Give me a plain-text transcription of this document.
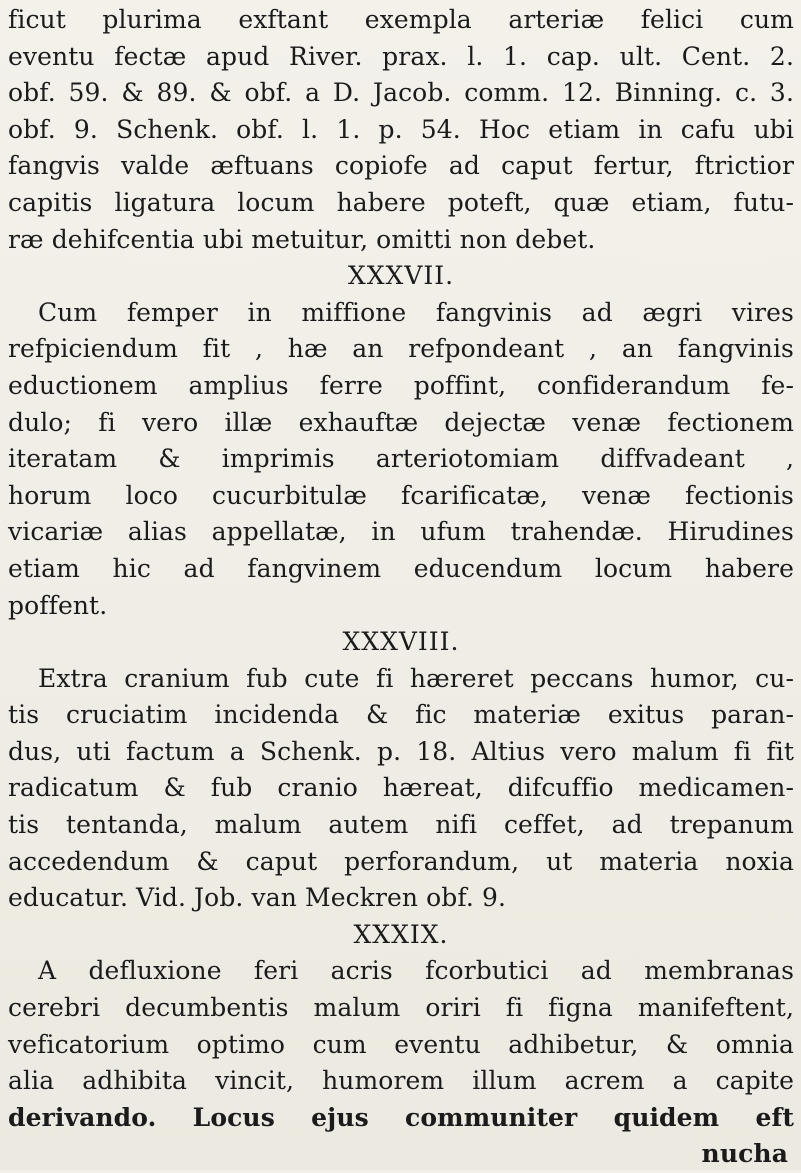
ficut plurima exftant exempla arteriæ felici cum
eventu fectæ apud River. prax. l. 1. cap. ult. Cent. 2.
obf. 59. & 89. & obf. a D. Jacob. comm. 12. Binning. c. 3.
obf. 9. Schenk. obf. l. 1. p. 54. Hoc etiam in cafu ubi
fangvis valde æftuans copiofe ad caput fertur, ftrictior
capitis ligatura locum habere poteft, quæ etiam, futu-
ræ dehifcentia ubi metuitur, omitti non debet.
XXXVII.
Cum femper in miffione fangvinis ad ægri vires
refpiciendum fit , hæ an refpondeant , an fangvinis
eductionem amplius ferre poffint, confiderandum fe-
dulo; fi vero illæ exhauftæ dejectæ venæ fectionem
iteratam & imprimis arteriotomiam diffvadeant ,
horum loco cucurbitulæ fcarificatæ, venæ fectionis
vicariæ alias appellatæ, in ufum trahendæ. Hirudines
etiam hic ad fangvinem educendum locum habere
poffent.
XXXVIII.
Extra cranium fub cute fi hæreret peccans humor, cu-
tis cruciatim incidenda & fic materiæ exitus paran-
dus, uti factum a Schenk. p. 18. Altius vero malum fi fit
radicatum & fub cranio hæreat, difcuffio medicamen-
tis tentanda, malum autem nifi ceffet, ad trepanum
accedendum & caput perforandum, ut materia noxia
educatur. Vid. Job. van Meckren obf. 9.
XXXIX.
A defluxione feri acris fcorbutici ad membranas
cerebri decumbentis malum oriri fi figna manifeftent,
veficatorium optimo cum eventu adhibetur, & omnia
alia adhibita vincit, humorem illum acrem a capite
derivando. Locus ejus communiter quidem eft
nucha
